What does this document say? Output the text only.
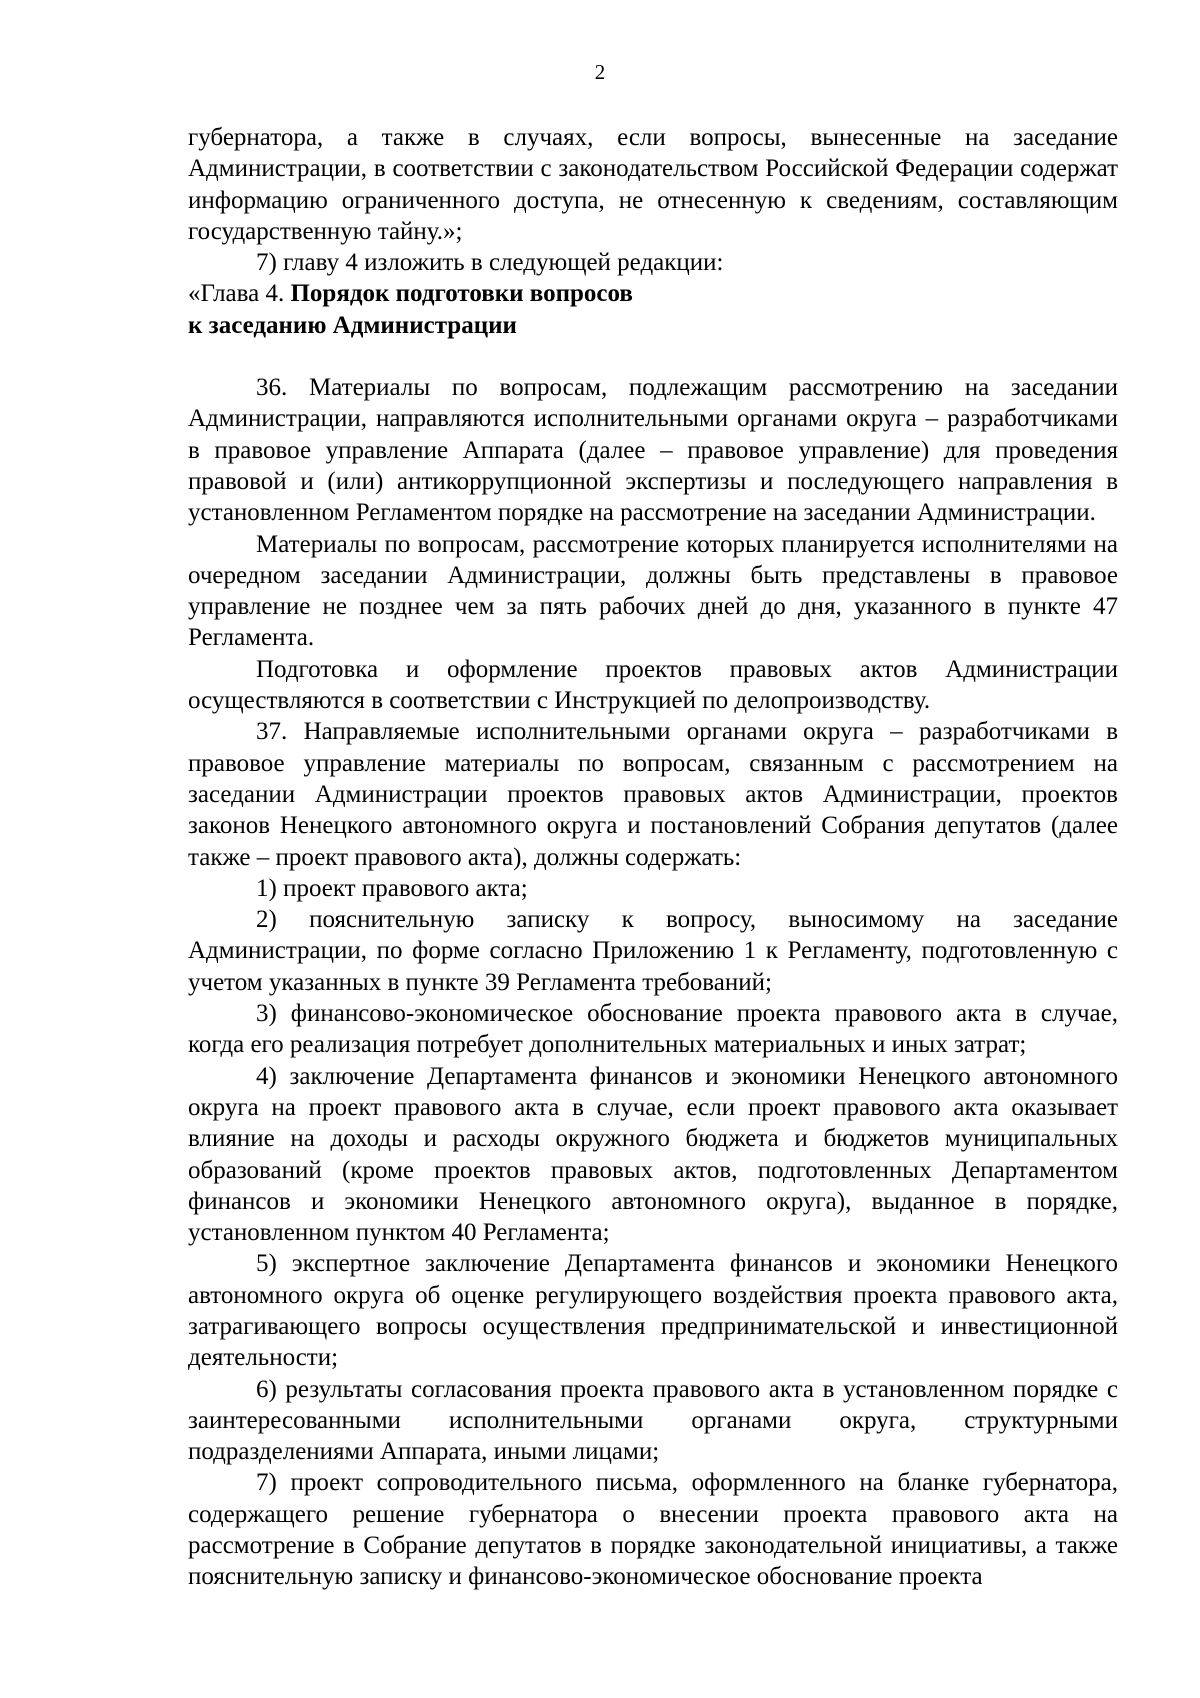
2

губернатора, а также в случаях, если вопросы, вынесенные на заседание Администрации, в соответствии с законодательством Российской Федерации содержат информацию ограниченного доступа, не отнесенную к сведениям, составляющим государственную тайну.»;

7) главу 4 изложить в следующей редакции:

«Глава 4. Порядок подготовки вопросов

к заседанию Администрации

36. Материалы по вопросам, подлежащим рассмотрению на заседании Администрации, направляются исполнительными органами округа – разработчиками в правовое управление Аппарата (далее – правовое управление) для проведения правовой и (или) антикоррупционной экспертизы и последующего направления в установленном Регламентом порядке на рассмотрение на заседании Администрации.

Материалы по вопросам, рассмотрение которых планируется исполнителями на очередном заседании Администрации, должны быть представлены в правовое управление не позднее чем за пять рабочих дней до дня, указанного в пункте 47 Регламента.

Подготовка и оформление проектов правовых актов Администрации осуществляются в соответствии с Инструкцией по делопроизводству.

37. Направляемые исполнительными органами округа – разработчиками в правовое управление материалы по вопросам, связанным с рассмотрением на заседании Администрации проектов правовых актов Администрации, проектов законов Ненецкого автономного округа и постановлений Собрания депутатов (далее также – проект правового акта), должны содержать:

1) проект правового акта;

2) пояснительную записку к вопросу, выносимому на заседание Администрации, по форме согласно Приложению 1 к Регламенту, подготовленную с учетом указанных в пункте 39 Регламента требований;

3) финансово-экономическое обоснование проекта правового акта в случае, когда его реализация потребует дополнительных материальных и иных затрат;

4) заключение Департамента финансов и экономики Ненецкого автономного округа на проект правового акта в случае, если проект правового акта оказывает влияние на доходы и расходы окружного бюджета и бюджетов муниципальных образований (кроме проектов правовых актов, подготовленных Департаментом финансов и экономики Ненецкого автономного округа), выданное в порядке, установленном пунктом 40 Регламента;

5) экспертное заключение Департамента финансов и экономики Ненецкого автономного округа об оценке регулирующего воздействия проекта правового акта, затрагивающего вопросы осуществления предпринимательской и инвестиционной деятельности;

6) результаты согласования проекта правового акта в установленном порядке с заинтересованными исполнительными органами округа, структурными подразделениями Аппарата, иными лицами;

7) проект сопроводительного письма, оформленного на бланке губернатора, содержащего решение губернатора о внесении проекта правового акта на рассмотрение в Собрание депутатов в порядке законодательной инициативы, а также пояснительную записку и финансово-экономическое обоснование проекта
